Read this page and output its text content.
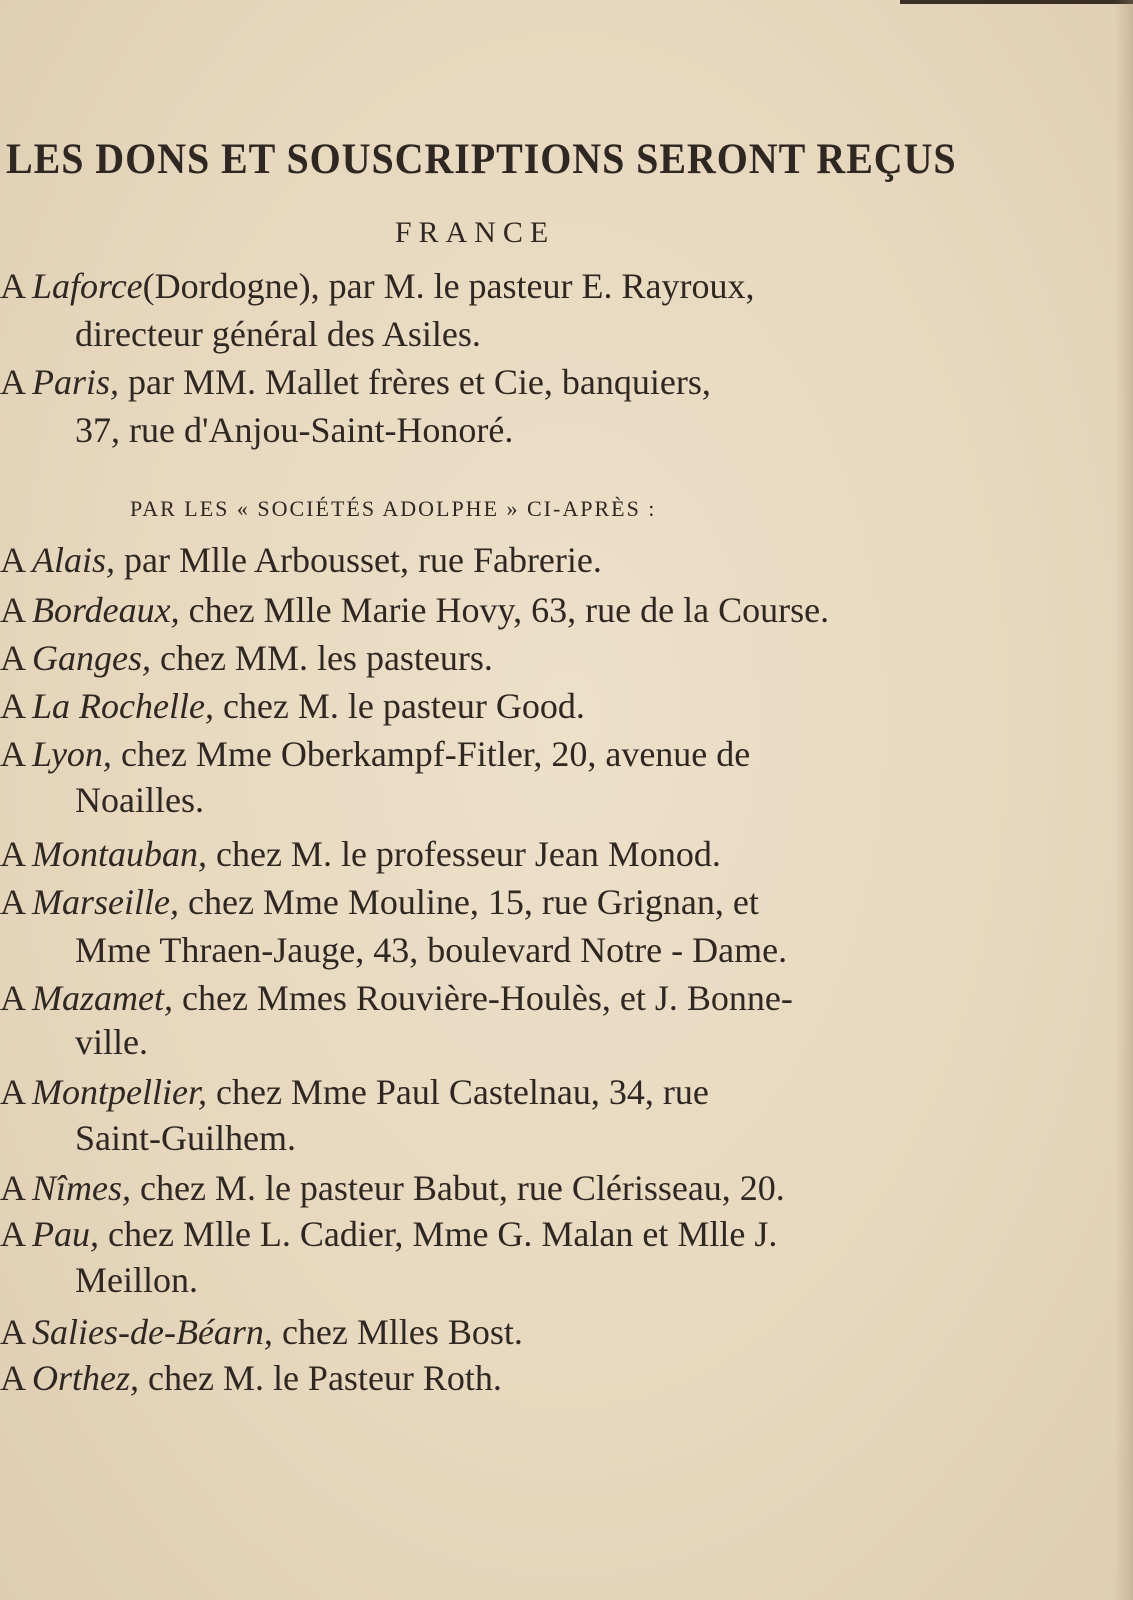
LES DONS ET SOUSCRIPTIONS SERONT REÇUS
FRANCE
A Laforce(Dordogne), par M. le pasteur E. Rayroux,
directeur général des Asiles.
A Paris, par MM. Mallet frères et Cie, banquiers,
37, rue d'Anjou-Saint-Honoré.
PAR LES « SOCIÉTÉS ADOLPHE » CI-APRÈS :
A Alais, par Mlle Arbousset, rue Fabrerie.
A Bordeaux, chez Mlle Marie Hovy, 63, rue de la Course.
A Ganges, chez MM. les pasteurs.
A La Rochelle, chez M. le pasteur Good.
A Lyon, chez Mme Oberkampf-Fitler, 20, avenue de
Noailles.
A Montauban, chez M. le professeur Jean Monod.
A Marseille, chez Mme Mouline, 15, rue Grignan, et
Mme Thraen-Jauge, 43, boulevard Notre - Dame.
A Mazamet, chez Mmes Rouvière-Houlès, et J. Bonne-
ville.
A Montpellier, chez Mme Paul Castelnau, 34, rue
Saint-Guilhem.
A Nîmes, chez M. le pasteur Babut, rue Clérisseau, 20.
A Pau, chez Mlle L. Cadier, Mme G. Malan et Mlle J.
Meillon.
A Salies-de-Béarn, chez Mlles Bost.
A Orthez, chez M. le Pasteur Roth.
